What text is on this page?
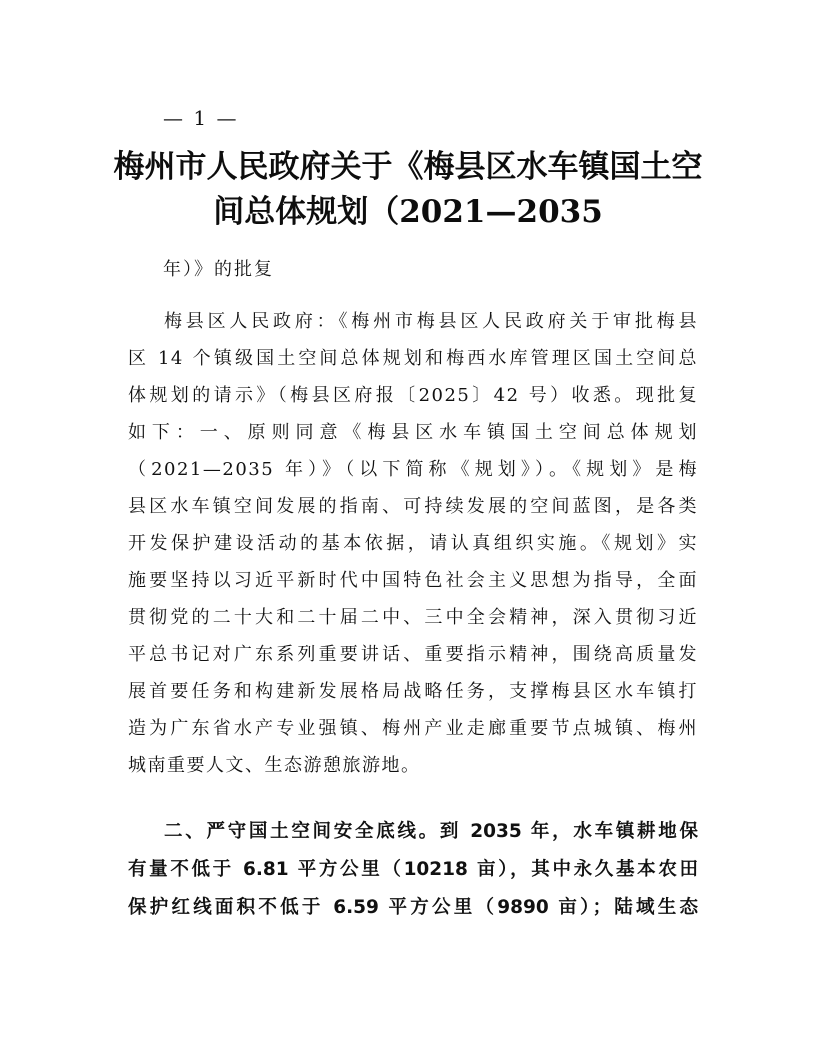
— 1 —
梅州市人民政府关于《梅县区水车镇国土空
间总体规划（2021—2035
年）》的批复
梅县区人民政府：《梅州市梅县区人民政府关于审批梅县
区 14 个镇级国土空间总体规划和梅西水库管理区国土空间总
体规划的请示》（梅县区府报〔2025〕42 号）收悉。现批复
如下：一、原则同意《梅县区水车镇国土空间总体规划
（2021—2035 年）》（以下简称《规划》）。《规划》是梅
县区水车镇空间发展的指南、可持续发展的空间蓝图，是各类
开发保护建设活动的基本依据，请认真组织实施。《规划》实
施要坚持以习近平新时代中国特色社会主义思想为指导，全面
贯彻党的二十大和二十届二中、三中全会精神，深入贯彻习近
平总书记对广东系列重要讲话、重要指示精神，围绕高质量发
展首要任务和构建新发展格局战略任务，支撑梅县区水车镇打
造为广东省水产专业强镇、梅州产业走廊重要节点城镇、梅州
城南重要人文、生态游憩旅游地。
二、严守国土空间安全底线。到 2035 年，水车镇耕地保
有量不低于 6.81 平方公里（10218 亩），其中永久基本农田
保护红线面积不低于 6.59 平方公里（9890 亩）；陆域生态
